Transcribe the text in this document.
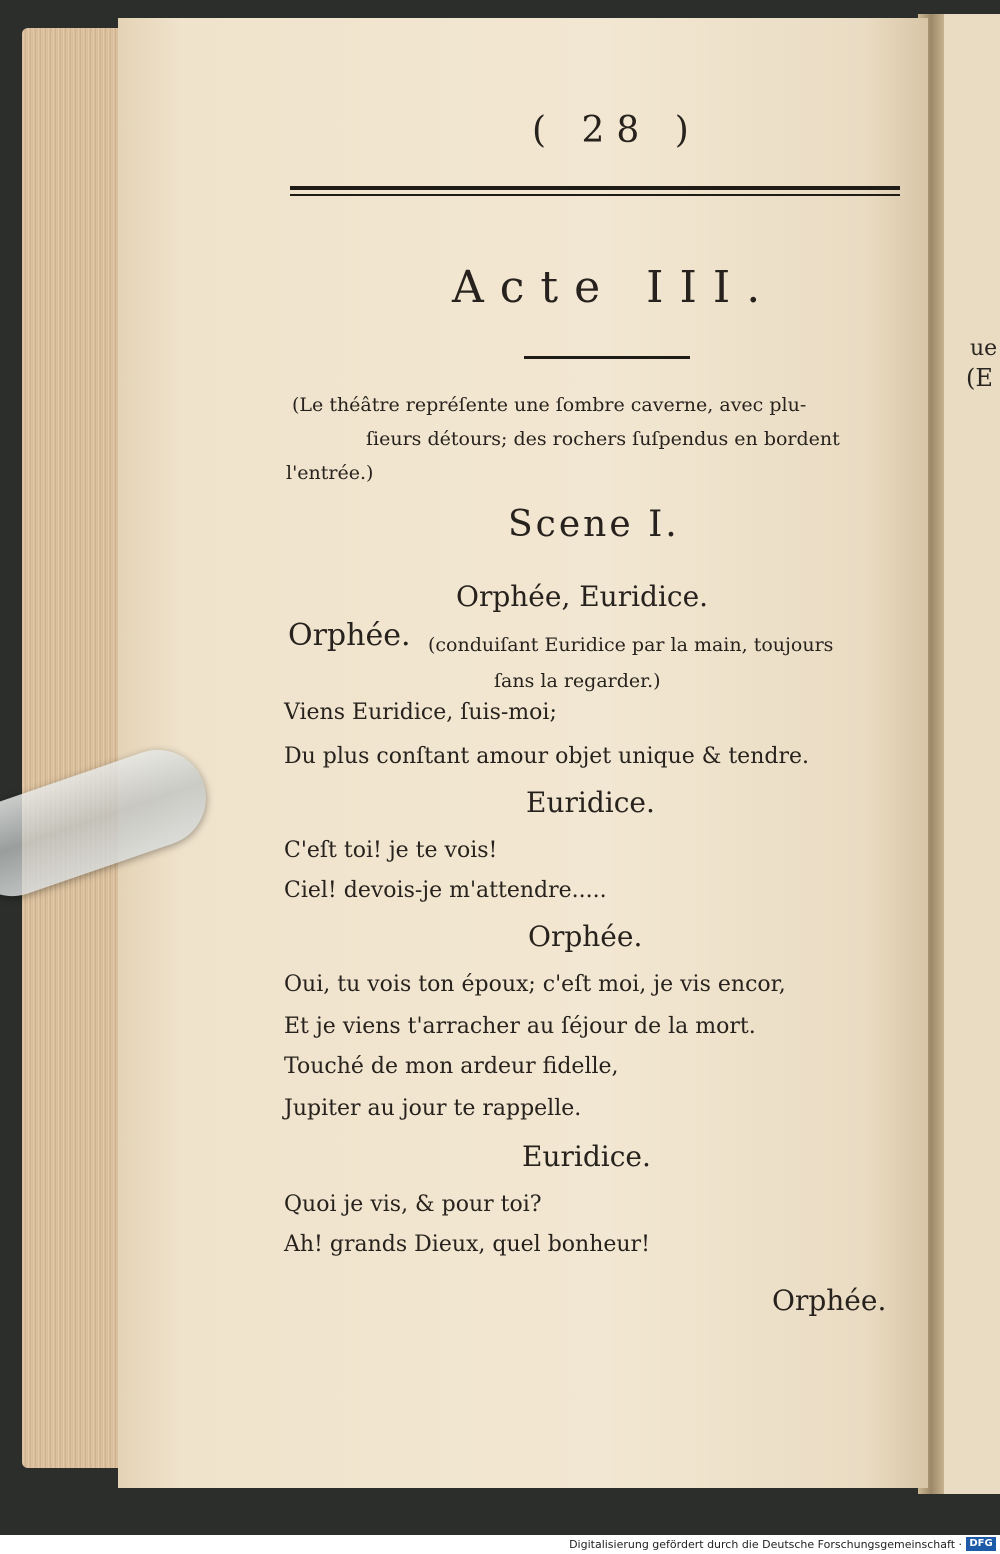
ue
(E
( 28 )
Acte III.
(Le théâtre repréſente une ſombre caverne, avec plu-
ſieurs détours; des rochers ſuſpendus en bordent
l'entrée.)
Scene I.
Orphée, Euridice.
Orphée. (conduiſant Euridice par la main, toujours
ſans la regarder.)
Viens Euridice, ſuis-moi;
Du plus conſtant amour objet unique & tendre.
Euridice.
C'eſt toi! je te vois!
Ciel! devois-je m'attendre.....
Orphée.
Oui, tu vois ton époux; c'eſt moi, je vis encor,
Et je viens t'arracher au ſéjour de la mort.
Touché de mon ardeur fidelle,
Jupiter au jour te rappelle.
Euridice.
Quoi je vis, & pour toi?
Ah! grands Dieux, quel bonheur!
Orphée.
Digitalisierung gefördert durch die Deutsche Forschungsgemeinschaft · DFG
